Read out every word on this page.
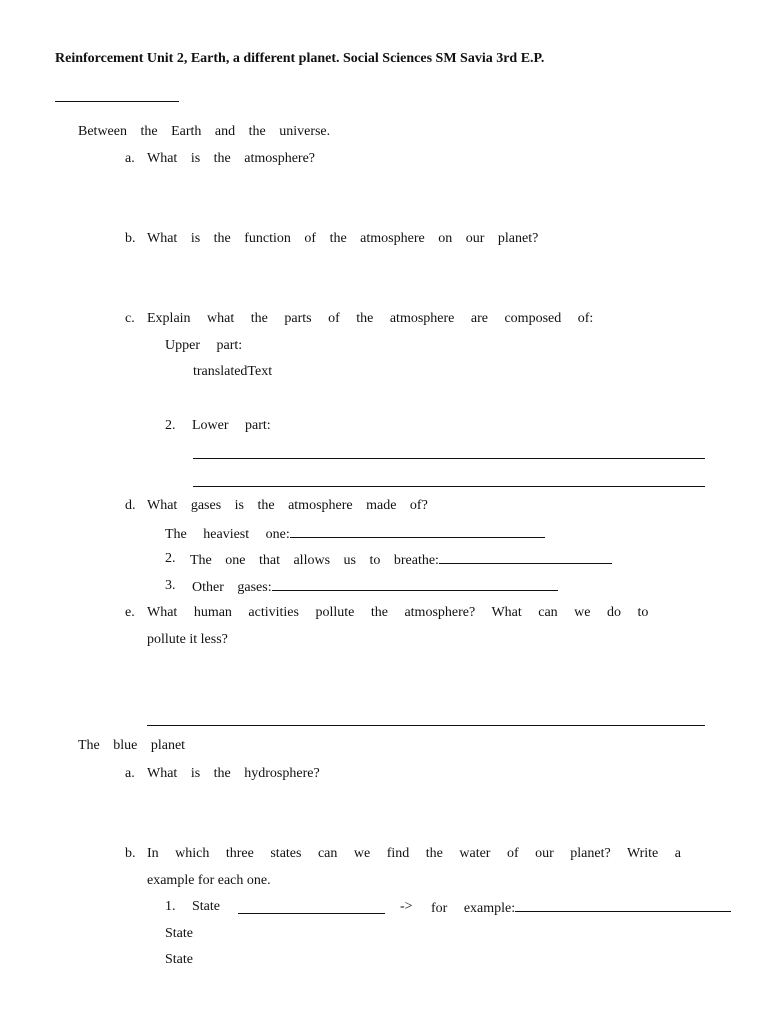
Reinforcement Unit 2, Earth, a different planet. Social Sciences SM Savia 3rd E.P.
Between the Earth and the universe.
a. What is the atmosphere?
b. What is the function of the atmosphere on our planet?
c. Explain what the parts of the atmosphere are composed of:
Upper part:
translatedText
2. Lower part:
d. What gases is the atmosphere made of?
The heaviest one:
2. The one that allows us to breathe:
3. Other gases:
e. What human activities pollute the atmosphere? What can we do to
pollute it less?
The blue planet
a. What is the hydrosphere?
b. In which three states can we find the water of our planet? Write a
example for each one.
1. State	-> for example:
State
State
